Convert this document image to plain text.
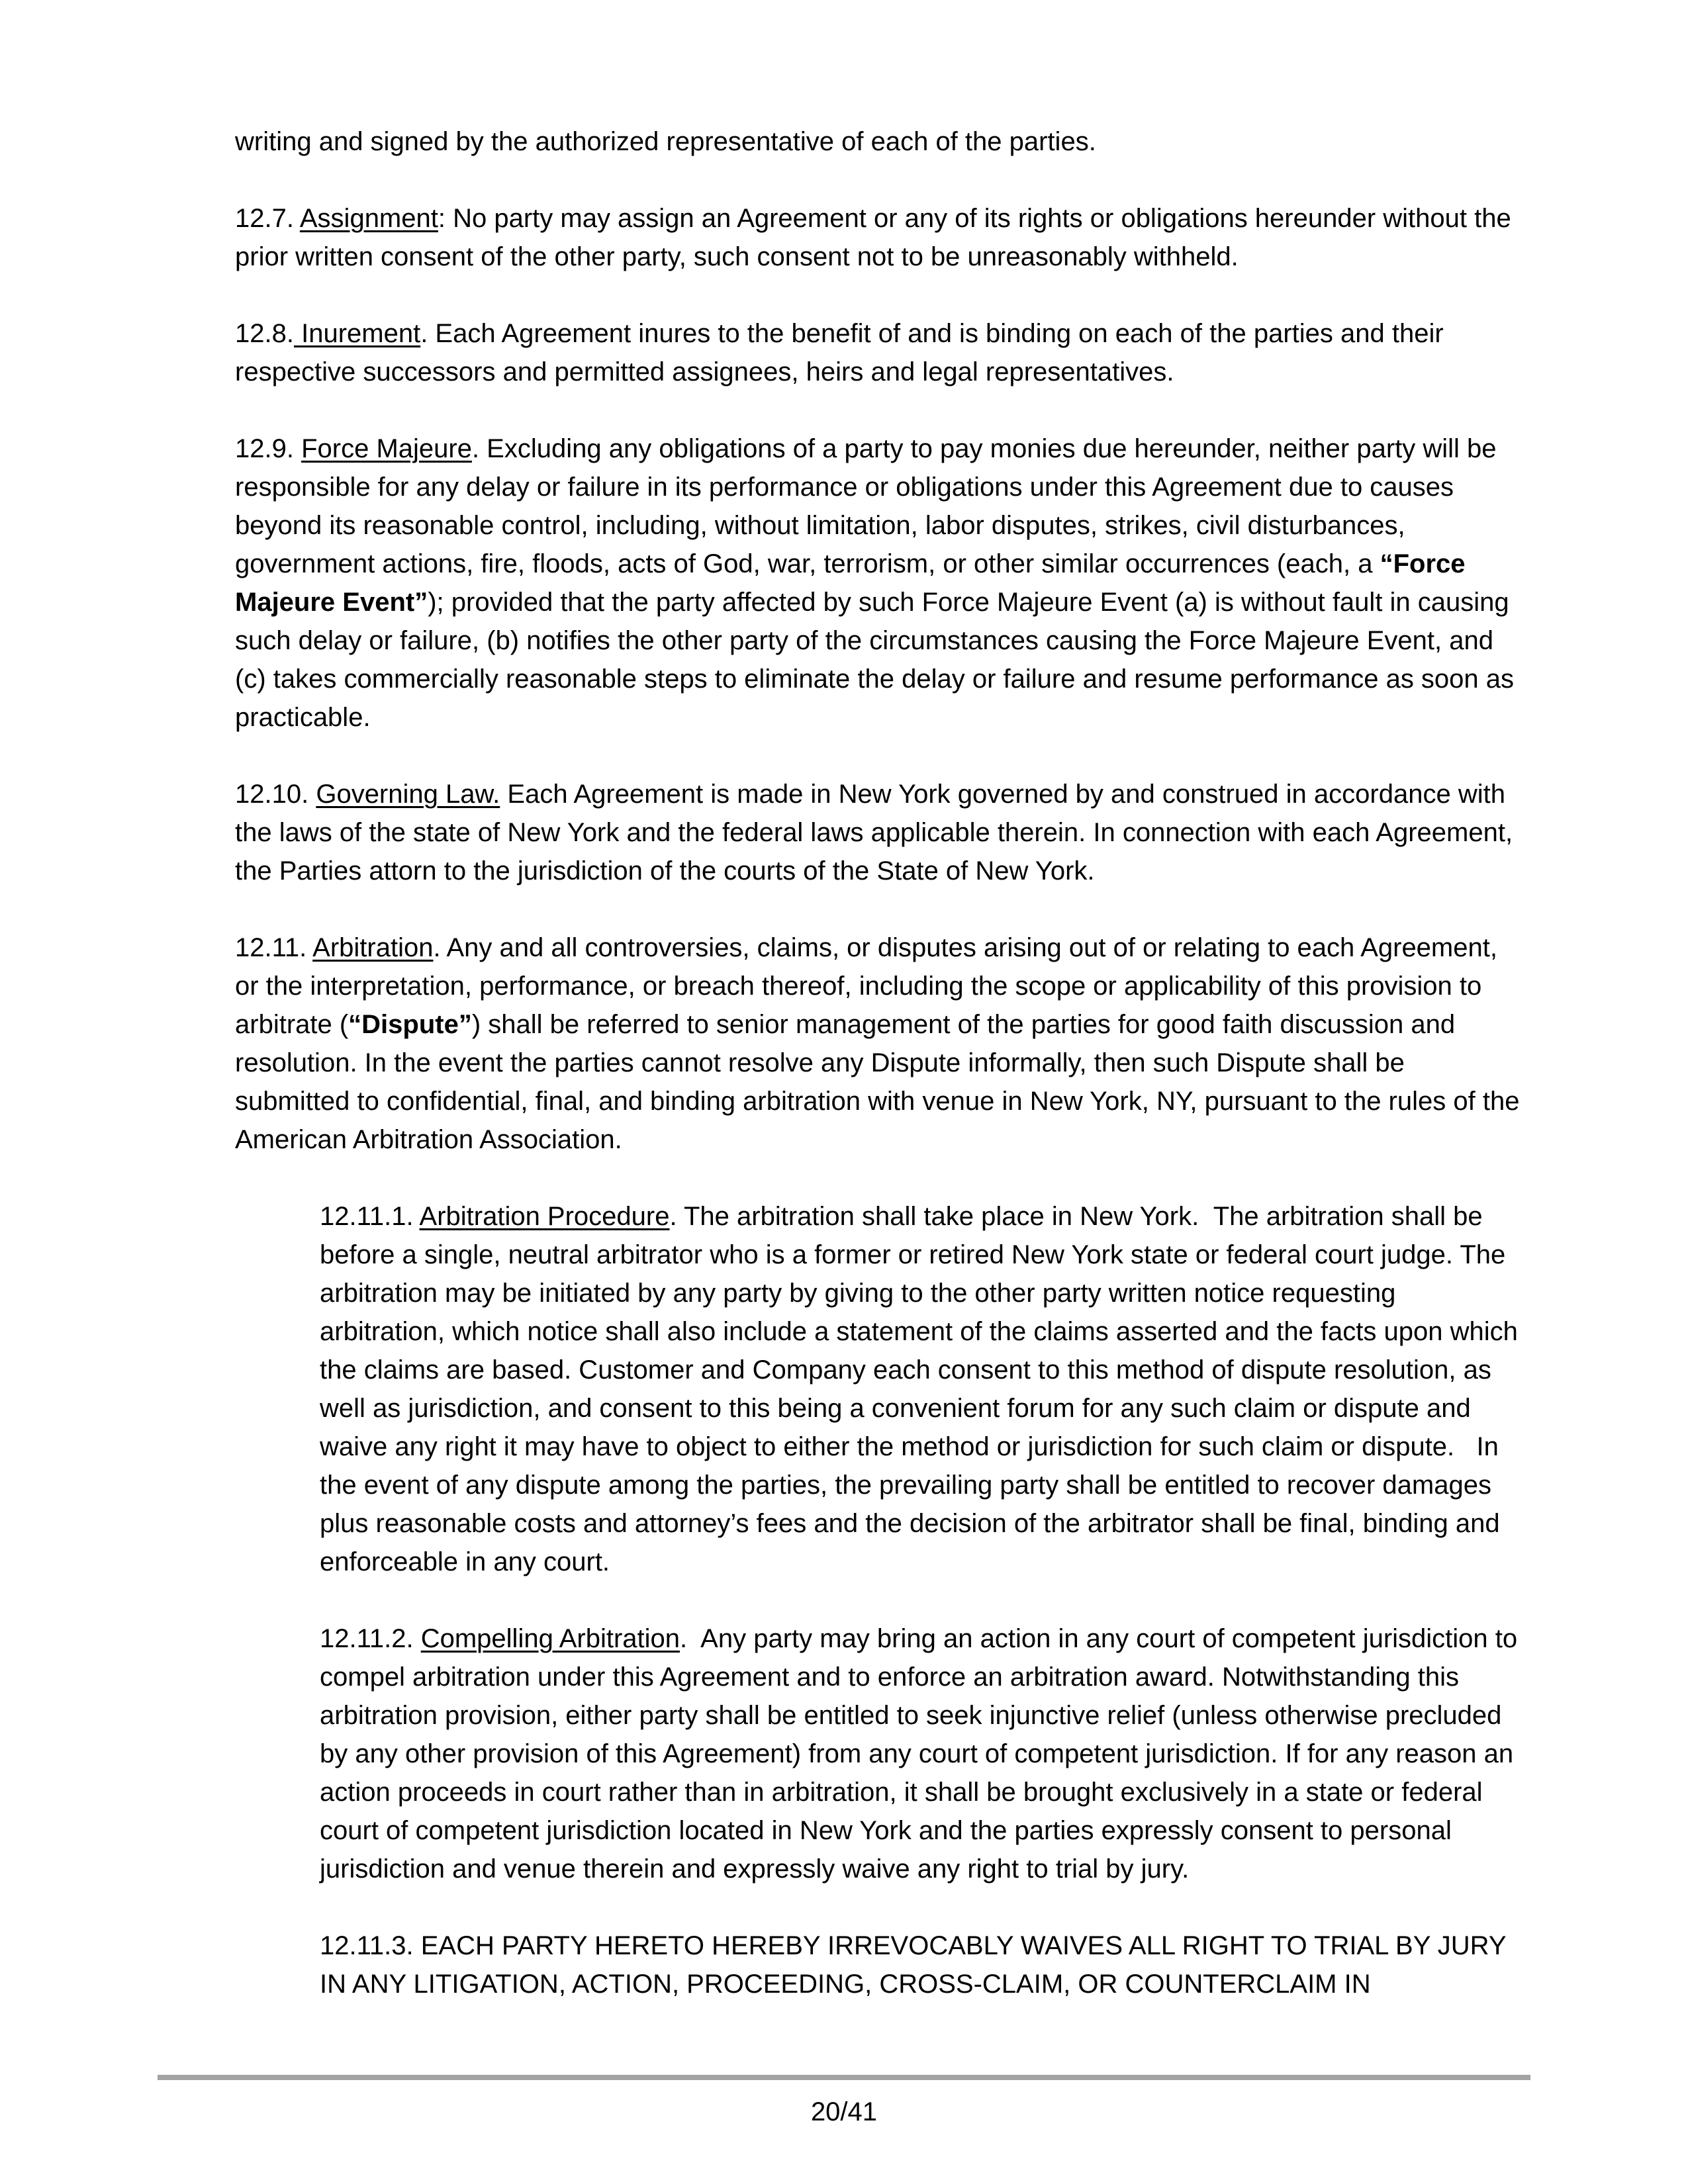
writing and signed by the authorized representative of each of the parties.

12.7. Assignment: No party may assign an Agreement or any of its rights or obligations hereunder without the prior written consent of the other party, such consent not to be unreasonably withheld.

12.8. Inurement. Each Agreement inures to the benefit of and is binding on each of the parties and their respective successors and permitted assignees, heirs and legal representatives.

12.9. Force Majeure. Excluding any obligations of a party to pay monies due hereunder, neither party will be responsible for any delay or failure in its performance or obligations under this Agreement due to causes beyond its reasonable control, including, without limitation, labor disputes, strikes, civil disturbances, government actions, fire, floods, acts of God, war, terrorism, or other similar occurrences (each, a “Force Majeure Event”); provided that the party affected by such Force Majeure Event (a) is without fault in causing such delay or failure, (b) notifies the other party of the circumstances causing the Force Majeure Event, and (c) takes commercially reasonable steps to eliminate the delay or failure and resume performance as soon as practicable.

12.10. Governing Law. Each Agreement is made in New York governed by and construed in accordance with the laws of the state of New York and the federal laws applicable therein. In connection with each Agreement, the Parties attorn to the jurisdiction of the courts of the State of New York.

12.11. Arbitration. Any and all controversies, claims, or disputes arising out of or relating to each Agreement, or the interpretation, performance, or breach thereof, including the scope or applicability of this provision to arbitrate (“Dispute”) shall be referred to senior management of the parties for good faith discussion and resolution. In the event the parties cannot resolve any Dispute informally, then such Dispute shall be submitted to confidential, final, and binding arbitration with venue in New York, NY, pursuant to the rules of the American Arbitration Association.

12.11.1. Arbitration Procedure. The arbitration shall take place in New York.  The arbitration shall be before a single, neutral arbitrator who is a former or retired New York state or federal court judge. The arbitration may be initiated by any party by giving to the other party written notice requesting arbitration, which notice shall also include a statement of the claims asserted and the facts upon which the claims are based. Customer and Company each consent to this method of dispute resolution, as well as jurisdiction, and consent to this being a convenient forum for any such claim or dispute and waive any right it may have to object to either the method or jurisdiction for such claim or dispute.   In the event of any dispute among the parties, the prevailing party shall be entitled to recover damages plus reasonable costs and attorney’s fees and the decision of the arbitrator shall be final, binding and enforceable in any court.

12.11.2. Compelling Arbitration.  Any party may bring an action in any court of competent jurisdiction to compel arbitration under this Agreement and to enforce an arbitration award. Notwithstanding this arbitration provision, either party shall be entitled to seek injunctive relief (unless otherwise precluded by any other provision of this Agreement) from any court of competent jurisdiction. If for any reason an action proceeds in court rather than in arbitration, it shall be brought exclusively in a state or federal court of competent jurisdiction located in New York and the parties expressly consent to personal jurisdiction and venue therein and expressly waive any right to trial by jury.

12.11.3. EACH PARTY HERETO HEREBY IRREVOCABLY WAIVES ALL RIGHT TO TRIAL BY JURY IN ANY LITIGATION, ACTION, PROCEEDING, CROSS-CLAIM, OR COUNTERCLAIM IN

20/41
